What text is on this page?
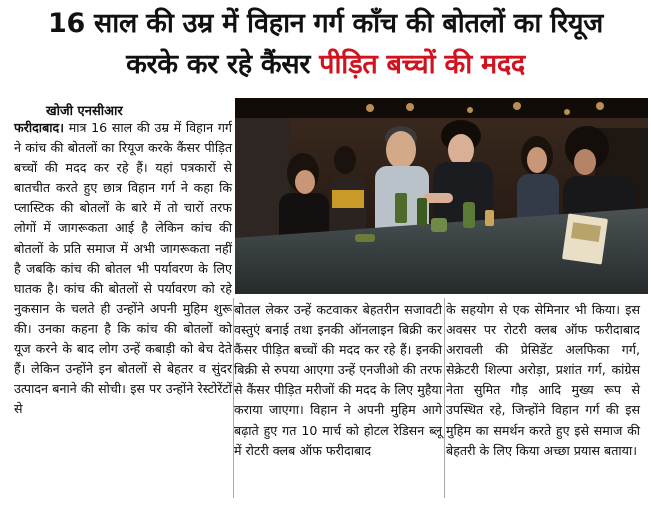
16 साल की उम्र में विहान गर्ग काँच की बोतलों का रियूज
करके कर रहे कैंसर पीड़ित बच्चों की मदद
खोजी एनसीआर

फरीदाबाद। मात्र 16 साल की उम्र में विहान गर्ग ने कांच की बोतलों का रियूज करके कैंसर पीड़ित बच्चों की मदद कर रहे हैं। यहां पत्रकारों से बातचीत करते हुए छात्र विहान गर्ग ने कहा कि प्लास्टिक की बोतलों के बारे में तो चारों तरफ लोगों में जागरूकता आई है लेकिन कांच की बोतलों के प्रति समाज में अभी जागरूकता नहीं है जबकि कांच की बोतल भी पर्यावरण के लिए घातक है। कांच की बोतलों से पर्यावरण को रहे नुकसान के चलते ही उन्होंने अपनी मुहिम शुरू की। उनका कहना है कि कांच की बोतलों को यूज करने के बाद लोग उन्हें कबाड़ी को बेच देते हैं। लेकिन उन्होंने इन बोतलों से बेहतर व सुंदर उत्पादन बनाने की सोची। इस पर उन्होंने रेस्टोरेंटों से

बोतल लेकर उन्हें कटवाकर बेहतरीन सजावटी वस्तुएं बनाई तथा इनकी ऑनलाइन बिक्री कर कैंसर पीड़ित बच्चों की मदद कर रहे हैं। इनकी बिक्री से रुपया आएगा उन्हें एनजीओ की तरफ से कैंसर पीड़ित मरीजों की मदद के लिए मुहैया कराया जाएगा। विहान ने अपनी मुहिम आगे बढ़ाते हुए गत 10 मार्च को होटल रेडिसन ब्लू में रोटरी क्लब ऑफ फरीदाबाद

के सहयोग से एक सेमिनार भी किया। इस अवसर पर रोटरी क्लब ऑफ फरीदाबाद अरावली की प्रेसिडेंट अलफिका गर्ग, सेक्रेटरी शिल्पा अरोड़ा, प्रशांत गर्ग, कांग्रेस नेता सुमित गौड़ आदि मुख्य रूप से उपस्थित रहे, जिन्होंने विहान गर्ग की इस मुहिम का समर्थन करते हुए इसे समाज की बेहतरी के लिए किया अच्छा प्रयास बताया।
